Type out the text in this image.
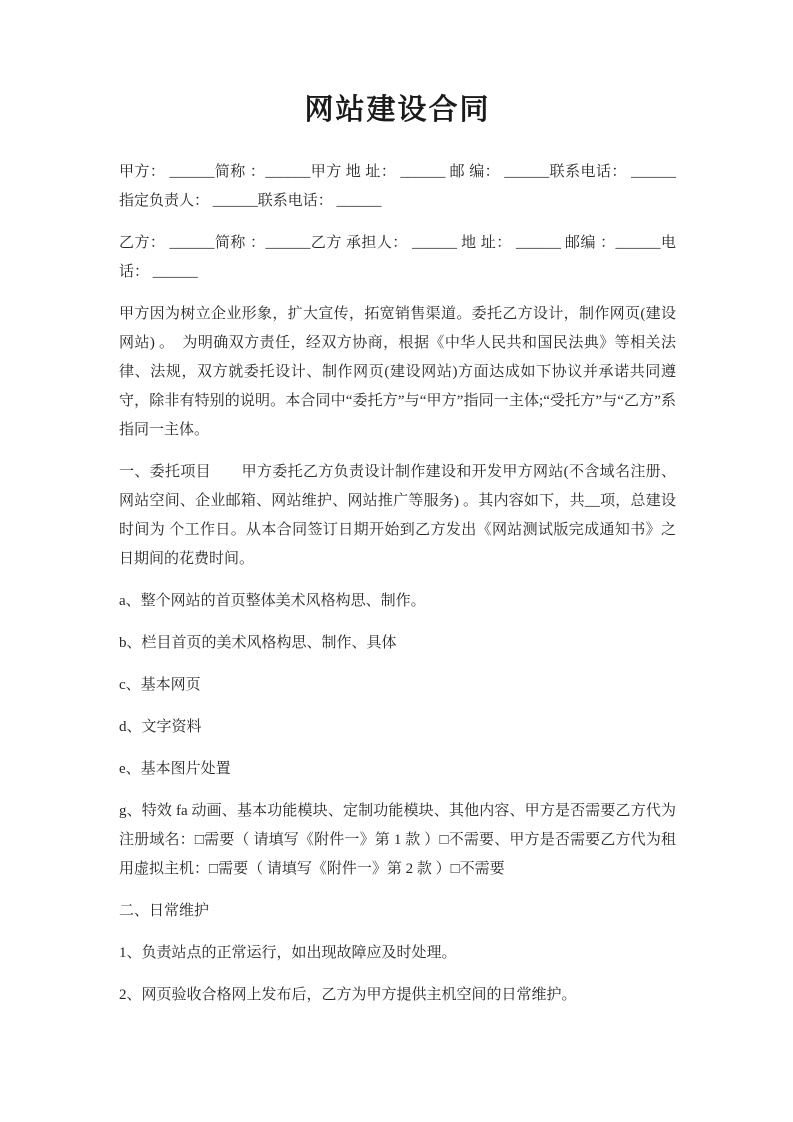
网站建设合同

甲方： ______简称 ：______甲方 地 址： ______ 邮 编： ______联系电话： ______ 指定负责人： ______联系电话： ______

乙方： ______简称 ：______乙方 承担人： ______ 地 址： ______ 邮编 ：______电 话： ______

甲方因为树立企业形象，扩大宣传，拓宽销售渠道。委托乙方设计，制作网页(建设网站) 。　为明确双方责任，经双方协商，根据《中华人民共和国民法典》等相关法律、法规，双方就委托设计、制作网页(建设网站)方面达成如下协议并承诺共同遵守，除非有特别的说明。本合同中“委托方”与“甲方”指同一主体;“受托方”与“乙方”系指同一主体。

一、委托项目　　甲方委托乙方负责设计制作建设和开发甲方网站(不含域名注册、网站空间、企业邮箱、网站维护、网站推广等服务) 。其内容如下，共__项，总建设时间为 个工作日。从本合同签订日期开始到乙方发出《网站测试版完成通知书》之日期间的花费时间。

a、整个网站的首页整体美术风格构思、制作。

b、栏目首页的美术风格构思、制作、具体

c、基本网页

d、文字资料

e、基本图片处置

g、特效 fa 动画、基本功能模块、定制功能模块、其他内容、甲方是否需要乙方代为注册域名：□需要（ 请填写《附件一》第 1 款 ）□不需要、甲方是否需要乙方代为租用虚拟主机：□需要（ 请填写《附件一》第 2 款 ）□不需要

二、日常维护

1、负责站点的正常运行，如出现故障应及时处理。

2、网页验收合格网上发布后，乙方为甲方提供主机空间的日常维护。
